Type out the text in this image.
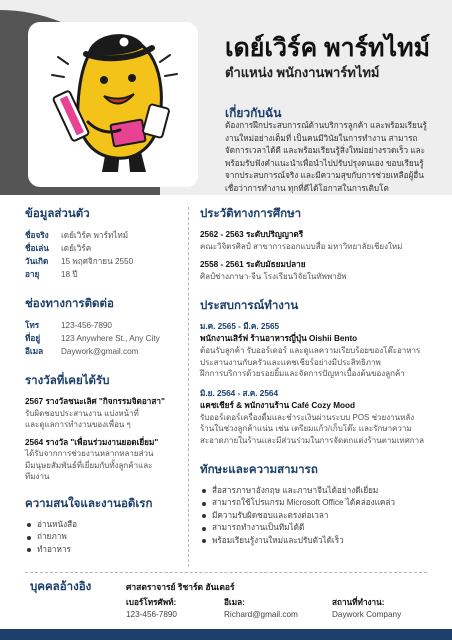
เดย์เวิร์ค พาร์ทไทม์
ตำแหน่ง พนักงานพาร์ทไทม์
เกี่ยวกับฉัน
ต้องการฝึกประสบการณ์ด้านบริการลูกค้า และพร้อมเรียนรู้
งานใหม่อย่างเต็มที่ เป็นคนมีวินัยในการทำงาน สามารถ
จัดการเวลาได้ดี และพร้อมเรียนรู้สิ่งใหม่อย่างรวดเร็ว และ
พร้อมรับฟังคำแนะนำเพื่อนำไปปรับปรุงตนเอง ขอบเรียนรู้
จากประสบการณ์จริง และมีความสุขกับการช่วยเหลือผู้อื่น
เชื่อว่าการทำงาน ทุกที่ดีได้โอกาสในการเติบโต
ข้อมูลส่วนตัว
ชื่อจริง	เดย์เวิร์ค พาร์ทไทม์
ชื่อเล่น	เดย์เวิร์ค
วันเกิด	15 พฤศจิกายน 2550
อายุ	18 ปี
ช่องทางการติดต่อ
โทร	123-456-7890
ที่อยู่	123 Anywhere St., Any City
อีเมล	Daywork@gmail.com
รางวัลที่เคยได้รับ
2567 รางวัลชนะเลิศ "กิจกรรมจิตอาสา"
รับผิดชอบประสานงาน แบ่งหน้าที่
และดูแลการทำงานของเพื่อน ๆ
2564 รางวัล "เพื่อนร่วมงานยอดเยี่ยม"
ได้รับจากการช่วยงานหลากหลายส่วน
มีมนุษยสัมพันธ์ที่เยี่ยมกับทั้งลูกค้าและ
ทีมงาน
ความสนใจและงานอดิเรก
อ่านหนังสือ
ถ่ายภาพ
ทำอาหาร
ประวัติทางการศึกษา
2562 - 2563 ระดับปริญญาตรี
คณะวิจิตรศิลป์ สาขาการออกแบบสื่อ มหาวิทยาลัยเชียงใหม่
2558 - 2561 ระดับมัธยมปลาย
ศิลป์ช่างภาษา-จีน โรงเรียนวิจัยในทัพพายัพ
ประสบการณ์ทำงาน
ม.ค. 2565 - มี.ค. 2565
พนักงานเสิร์ฟ ร้านอาหารญี่ปุ่น Oishii Bento
ต้อนรับลูกค้า รับออร์เดอร์ และดูแลความเรียบร้อยของโต๊ะอาหาร
ประสานงานกับครัวและแคชเชียร์อย่างมีประสิทธิภาพ
ฝึกการบริการด้วยรอยยิ้มและจัดการปัญหาเบื้องต้นของลูกค้า
มิ.ย. 2564 - ส.ค. 2564
แคชเชียร์ & พนักงานร้าน Café Cozy Mood
รับออร์เดอร์เครื่องดื่มและชำระเงินผ่านระบบ POS ช่วยงานหลัง
ร้านในช่วงลูกค้าแน่น เช่น เตรียมแก้ว/เก็บโต๊ะ และรักษาความ
สะอาดภายในร้านและมีส่วนร่วมในการจัดตกแต่งร้านตามเทศกาล
ทักษะและความสามารถ
สื่อสารภาษาอังกฤษ และภาษาจีนได้อย่างดีเยี่ยม
สามารถใช้โปรแกรม Microsoft Office ได้คล่องแคล่ว
มีความรับผิดชอบและตรงต่อเวลา
สามารถทำงานเป็นทีมได้ดี
พร้อมเรียนรู้งานใหม่และปรับตัวได้เร็ว
บุคคลอ้างอิง	ศาสตราจารย์ ริชาร์ด ฮันเตอร์
เบอร์โทรศัพท์:
123-456-7890
อีเมล:
Richard@gmail.com
สถานที่ทำงาน:
Daywork Company
